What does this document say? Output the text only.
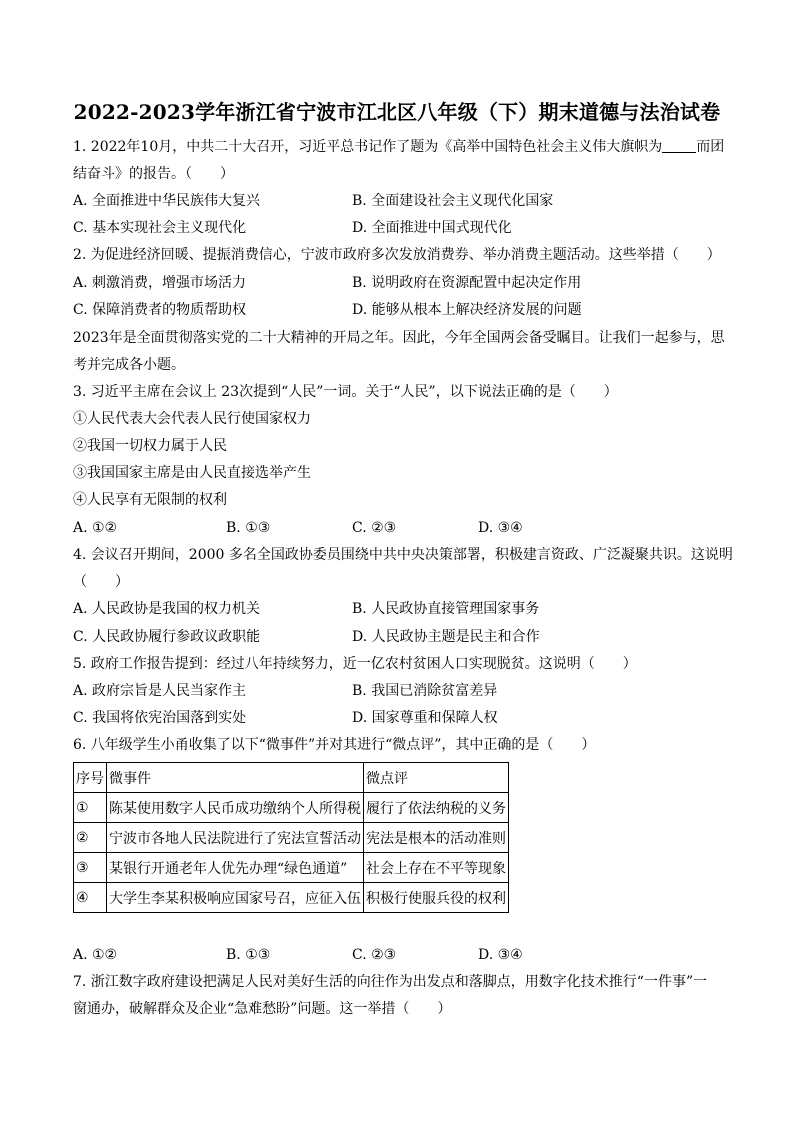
2022-2023学年浙江省宁波市江北区八年级（下）期末道德与法治试卷
1. 2022年10月，中共二十大召开，习近平总书记作了题为《高举中国特色社会主义伟大旗帜为 而团
结奋斗》的报告。（　　）
A. 全面推进中华民族伟大复兴	B. 全面建设社会主义现代化国家
C. 基本实现社会主义现代化	D. 全面推进中国式现代化
2. 为促进经济回暖、提振消费信心，宁波市政府多次发放消费券、举办消费主题活动。这些举措（　　）
A. 刺激消费，增强市场活力	B. 说明政府在资源配置中起决定作用
C. 保障消费者的物质帮助权	D. 能够从根本上解决经济发展的问题
2023年是全面贯彻落实党的二十大精神的开局之年。因此，今年全国两会备受瞩目。让我们一起参与，思
考并完成各小题。
3. 习近平主席在会议上 23次提到“人民”一词。关于“人民”，以下说法正确的是（　　）
①人民代表大会代表人民行使国家权力
②我国一切权力属于人民
③我国国家主席是由人民直接选举产生
④人民享有无限制的权利
A. ①②	B. ①③	C. ②③	D. ③④
4. 会议召开期间，2000 多名全国政协委员围绕中共中央决策部署，积极建言资政、广泛凝聚共识。这说明
（　　）
A. 人民政协是我国的权力机关	B. 人民政协直接管理国家事务
C. 人民政协履行参政议政职能	D. 人民政协主题是民主和合作
5. 政府工作报告提到：经过八年持续努力，近一亿农村贫困人口实现脱贫。这说明（　　）
A. 政府宗旨是人民当家作主	B. 我国已消除贫富差异
C. 我国将依宪治国落到实处	D. 国家尊重和保障人权
6. 八年级学生小甬收集了以下“微事件”并对其进行“微点评”，其中正确的是（　　）
序号	微事件	微点评
①	陈某使用数字人民币成功缴纳个人所得税	履行了依法纳税的义务
②	宁波市各地人民法院进行了宪法宣誓活动	宪法是根本的活动准则
③	某银行开通老年人优先办理“绿色通道”	社会上存在不平等现象
④	大学生李某积极响应国家号召，应征入伍	积极行使服兵役的权利
A. ①②	B. ①③	C. ②③	D. ③④
7. 浙江数字政府建设把满足人民对美好生活的向往作为出发点和落脚点，用数字化技术推行“一件事”一
窗通办，破解群众及企业“急难愁盼”问题。这一举措（　　）
